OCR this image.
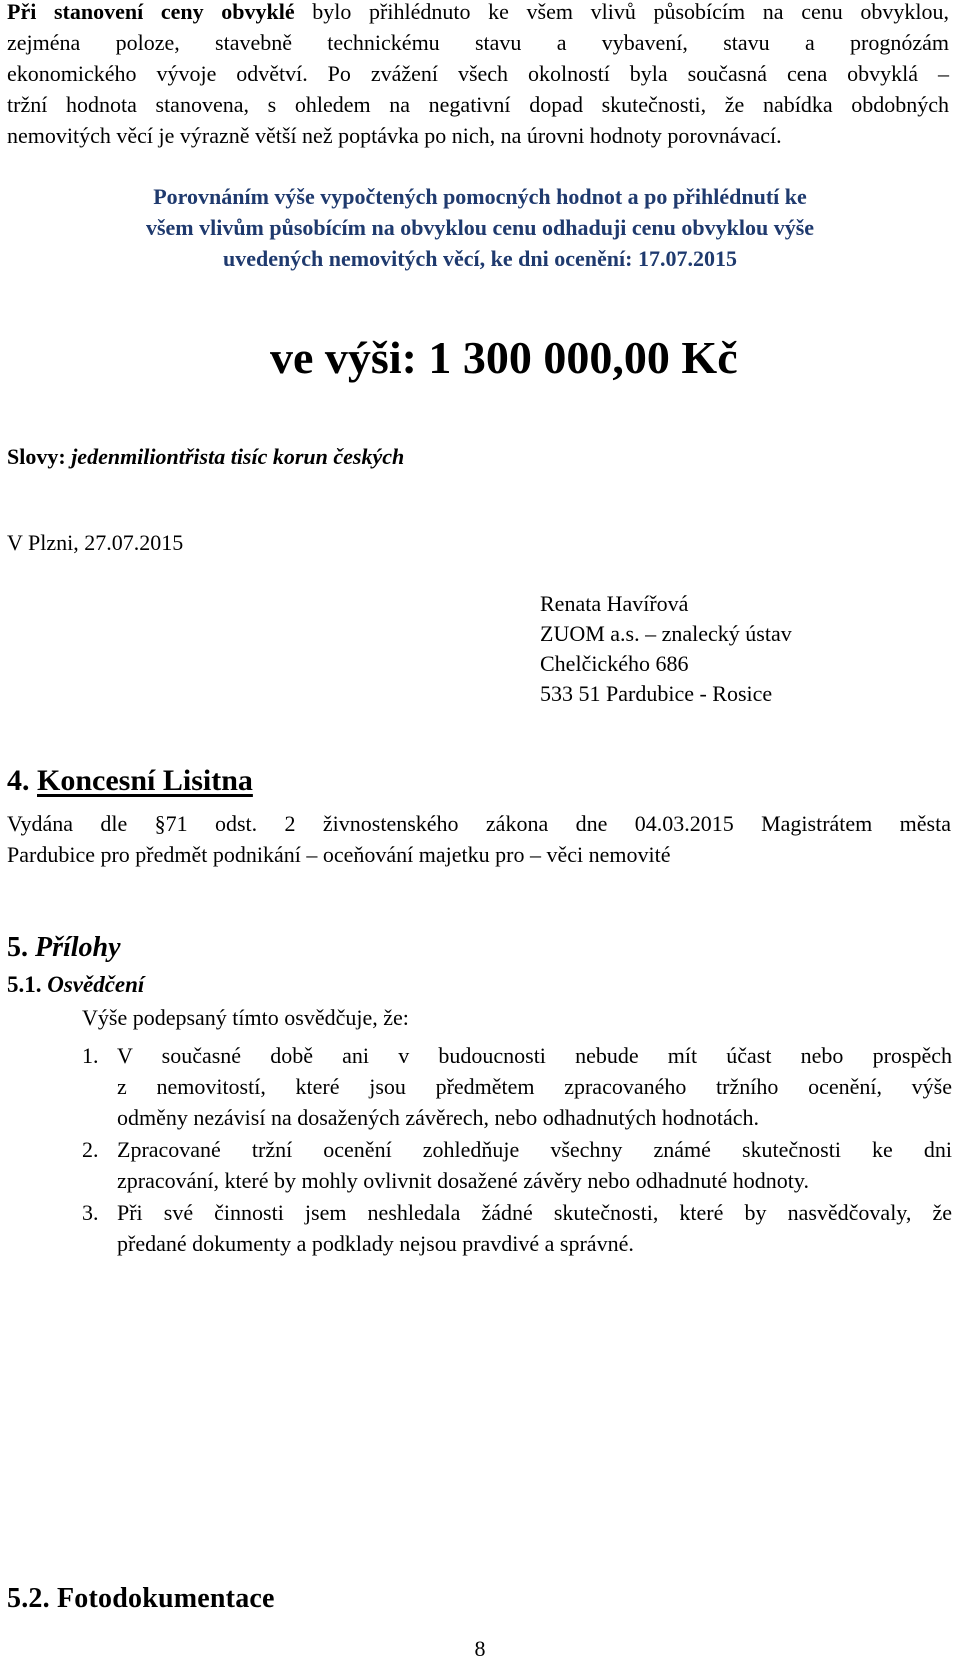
Při stanovení ceny obvyklé bylo přihlédnuto ke všem vlivů působícím na cenu obvyklou,
zejména poloze, stavebně technickému stavu a vybavení, stavu a prognózám
ekonomického vývoje odvětví. Po zvážení všech okolností byla současná cena obvyklá –
tržní hodnota stanovena, s ohledem na negativní dopad skutečnosti, že nabídka obdobných
nemovitých věcí je výrazně větší než poptávka po nich, na úrovni hodnoty porovnávací.
Porovnáním výše vypočtených pomocných hodnot a po přihlédnutí ke
všem vlivům působícím na obvyklou cenu odhaduji cenu obvyklou výše
uvedených nemovitých věcí, ke dni ocenění: 17.07.2015
ve výši: 1 300 000,00 Kč
Slovy: jedenmiliontřista tisíc korun českých
V Plzni, 27.07.2015
Renata Havířová
ZUOM a.s. – znalecký ústav
Chelčického 686
533 51 Pardubice - Rosice
4. Koncesní Lisitna
Vydána dle §71 odst. 2 živnostenského zákona dne 04.03.2015 Magistrátem města
Pardubice pro předmět podnikání – oceňování majetku pro – věci nemovité
5. Přílohy
5.1. Osvědčení
Výše podepsaný tímto osvědčuje, že:
1. V současné době ani v budoucnosti nebude mít účast nebo prospěch
z nemovitostí, které jsou předmětem zpracovaného tržního ocenění, výše
odměny nezávisí na dosažených závěrech, nebo odhadnutých hodnotách.
2. Zpracované tržní ocenění zohledňuje všechny známé skutečnosti ke dni
zpracování, které by mohly ovlivnit dosažené závěry nebo odhadnuté hodnoty.
3. Při své činnosti jsem neshledala žádné skutečnosti, které by nasvědčovaly, že
předané dokumenty a podklady nejsou pravdivé a správné.
5.2. Fotodokumentace
8
